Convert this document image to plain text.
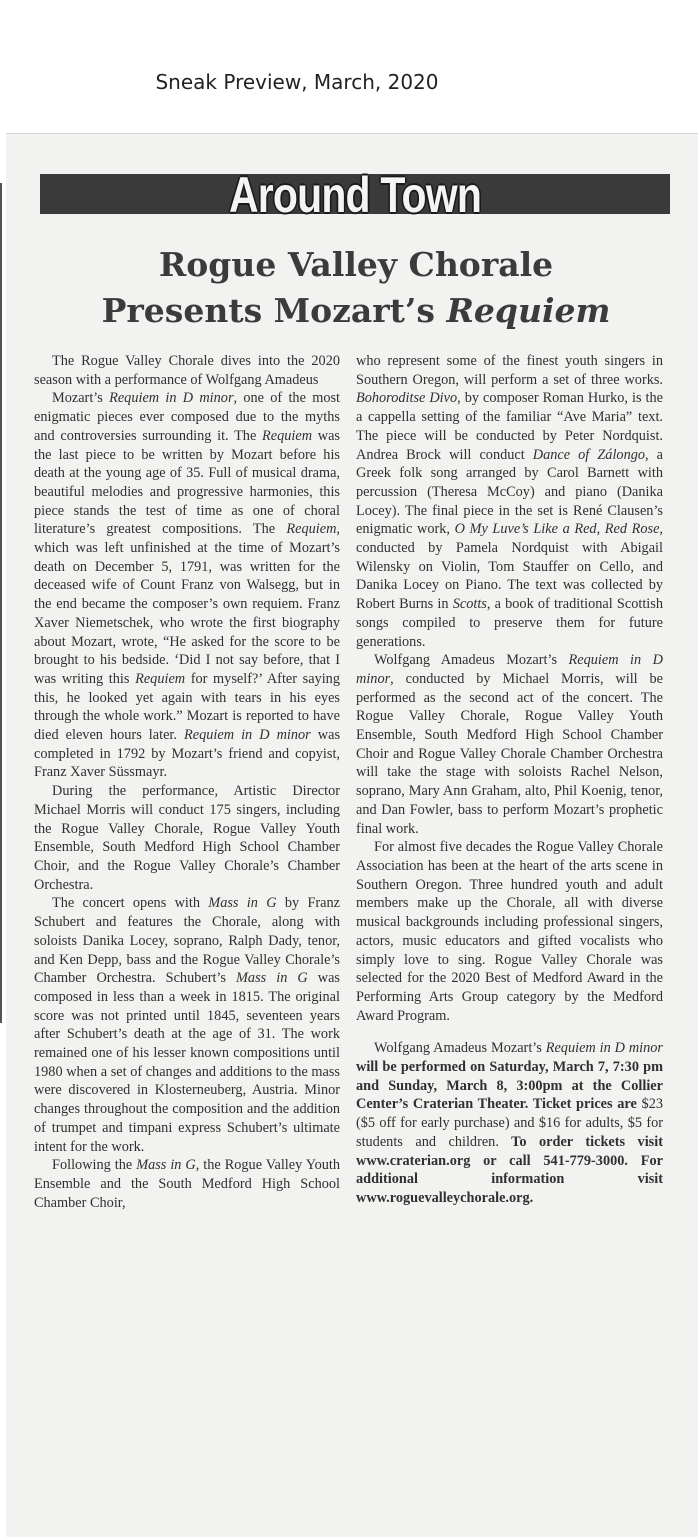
Sneak Preview, March, 2020
Around Town
Rogue Valley Chorale
Presents Mozart’s Requiem

The Rogue Valley Chorale dives into the 2020 season with a performance of Wolfgang Amadeus

Mozart’s Requiem in D minor, one of the most enigmatic pieces ever composed due to the myths and controversies surrounding it. The Requiem was the last piece to be written by Mozart before his death at the young age of 35. Full of musical drama, beautiful melodies and progressive harmonies, this piece stands the test of time as one of choral literature’s greatest compositions. The Requiem, which was left unfinished at the time of Mozart’s death on December 5, 1791, was written for the deceased wife of Count Franz von Walsegg, but in the end became the composer’s own requiem. Franz Xaver Niemetschek, who wrote the first biography about Mozart, wrote, “He asked for the score to be brought to his bedside. ‘Did I not say before, that I was writing this Requiem for myself?’ After saying this, he looked yet again with tears in his eyes through the whole work.” Mozart is reported to have died eleven hours later. Requiem in D minor was completed in 1792 by Mozart’s friend and copyist, Franz Xaver Süssmayr.

During the performance, Artistic Director Michael Morris will conduct 175 singers, including the Rogue Valley Chorale, Rogue Valley Youth Ensemble, South Medford High School Chamber Choir, and the Rogue Valley Chorale’s Chamber Orchestra.

The concert opens with Mass in G by Franz Schubert and features the Chorale, along with soloists Danika Locey, soprano, Ralph Dady, tenor, and Ken Depp, bass and the Rogue Valley Chorale’s Chamber Orchestra. Schubert’s Mass in G was composed in less than a week in 1815. The original score was not printed until 1845, seventeen years after Schubert’s death at the age of 31. The work remained one of his lesser known compositions until 1980 when a set of changes and additions to the mass were discovered in Klosterneuberg, Austria. Minor changes throughout the composition and the addition of trumpet and timpani express Schubert’s ultimate intent for the work.

Following the Mass in G, the Rogue Valley Youth Ensemble and the South Medford High School Chamber Choir,

who represent some of the finest youth singers in Southern Oregon, will perform a set of three works. Bohoroditse Divo, by composer Roman Hurko, is the a cappella setting of the familiar “Ave Maria” text. The piece will be conducted by Peter Nordquist. Andrea Brock will conduct Dance of Zálongo, a Greek folk song arranged by Carol Barnett with percussion (Theresa McCoy) and piano (Danika Locey). The final piece in the set is René Clausen’s enigmatic work, O My Luve’s Like a Red, Red Rose, conducted by Pamela Nordquist with Abigail Wilensky on Violin, Tom Stauffer on Cello, and Danika Locey on Piano. The text was collected by Robert Burns in Scotts, a book of traditional Scottish songs compiled to preserve them for future generations.

Wolfgang Amadeus Mozart’s Requiem in D minor, conducted by Michael Morris, will be performed as the second act of the concert. The Rogue Valley Chorale, Rogue Valley Youth Ensemble, South Medford High School Chamber Choir and Rogue Valley Chorale Chamber Orchestra will take the stage with soloists Rachel Nelson, soprano, Mary Ann Graham, alto, Phil Koenig, tenor, and Dan Fowler, bass to perform Mozart’s prophetic final work.

For almost five decades the Rogue Valley Chorale Association has been at the heart of the arts scene in Southern Oregon. Three hundred youth and adult members make up the Chorale, all with diverse musical backgrounds including professional singers, actors, music educators and gifted vocalists who simply love to sing. Rogue Valley Chorale was selected for the 2020 Best of Medford Award in the Performing Arts Group category by the Medford Award Program.

Wolfgang Amadeus Mozart’s Requiem in D minor will be performed on Saturday, March 7, 7:30 pm and Sunday, March 8, 3:00pm at the Collier Center’s Craterian Theater. Ticket prices are $23 ($5 off for early purchase) and $16 for adults, $5 for students and children. To order tickets visit www.craterian.org or call 541-779-3000. For additional information visit www.roguevalleychorale.org.
